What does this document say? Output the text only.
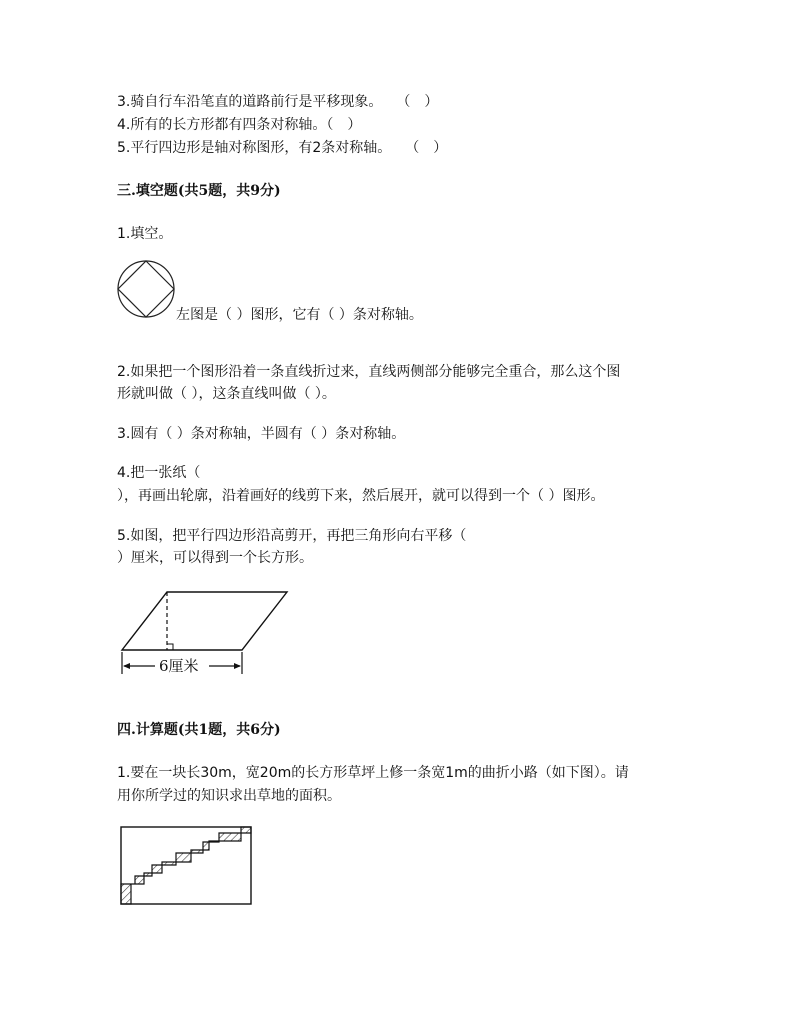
3.骑自行车沿笔直的道路前行是平移现象。　　（　）
4.所有的长方形都有四条对称轴。（　）
5.平行四边形是轴对称图形，有2条对称轴。　　（　）
三.填空题(共5题，共9分)
1.填空。
左图是（ ）图形，它有（ ）条对称轴。
2.如果把一个图形沿着一条直线折过来，直线两侧部分能够完全重合，那么这个图
形就叫做（ ），这条直线叫做（ ）。
3.圆有（ ）条对称轴，半圆有（ ）条对称轴。
4.把一张纸（
），再画出轮廓，沿着画好的线剪下来，然后展开，就可以得到一个（ ）图形。
5.如图，把平行四边形沿高剪开，再把三角形向右平移（
）厘米，可以得到一个长方形。
6厘米
四.计算题(共1题，共6分)
1.要在一块长30m，宽20m的长方形草坪上修一条宽1m的曲折小路（如下图）。请
用你所学过的知识求出草地的面积。
